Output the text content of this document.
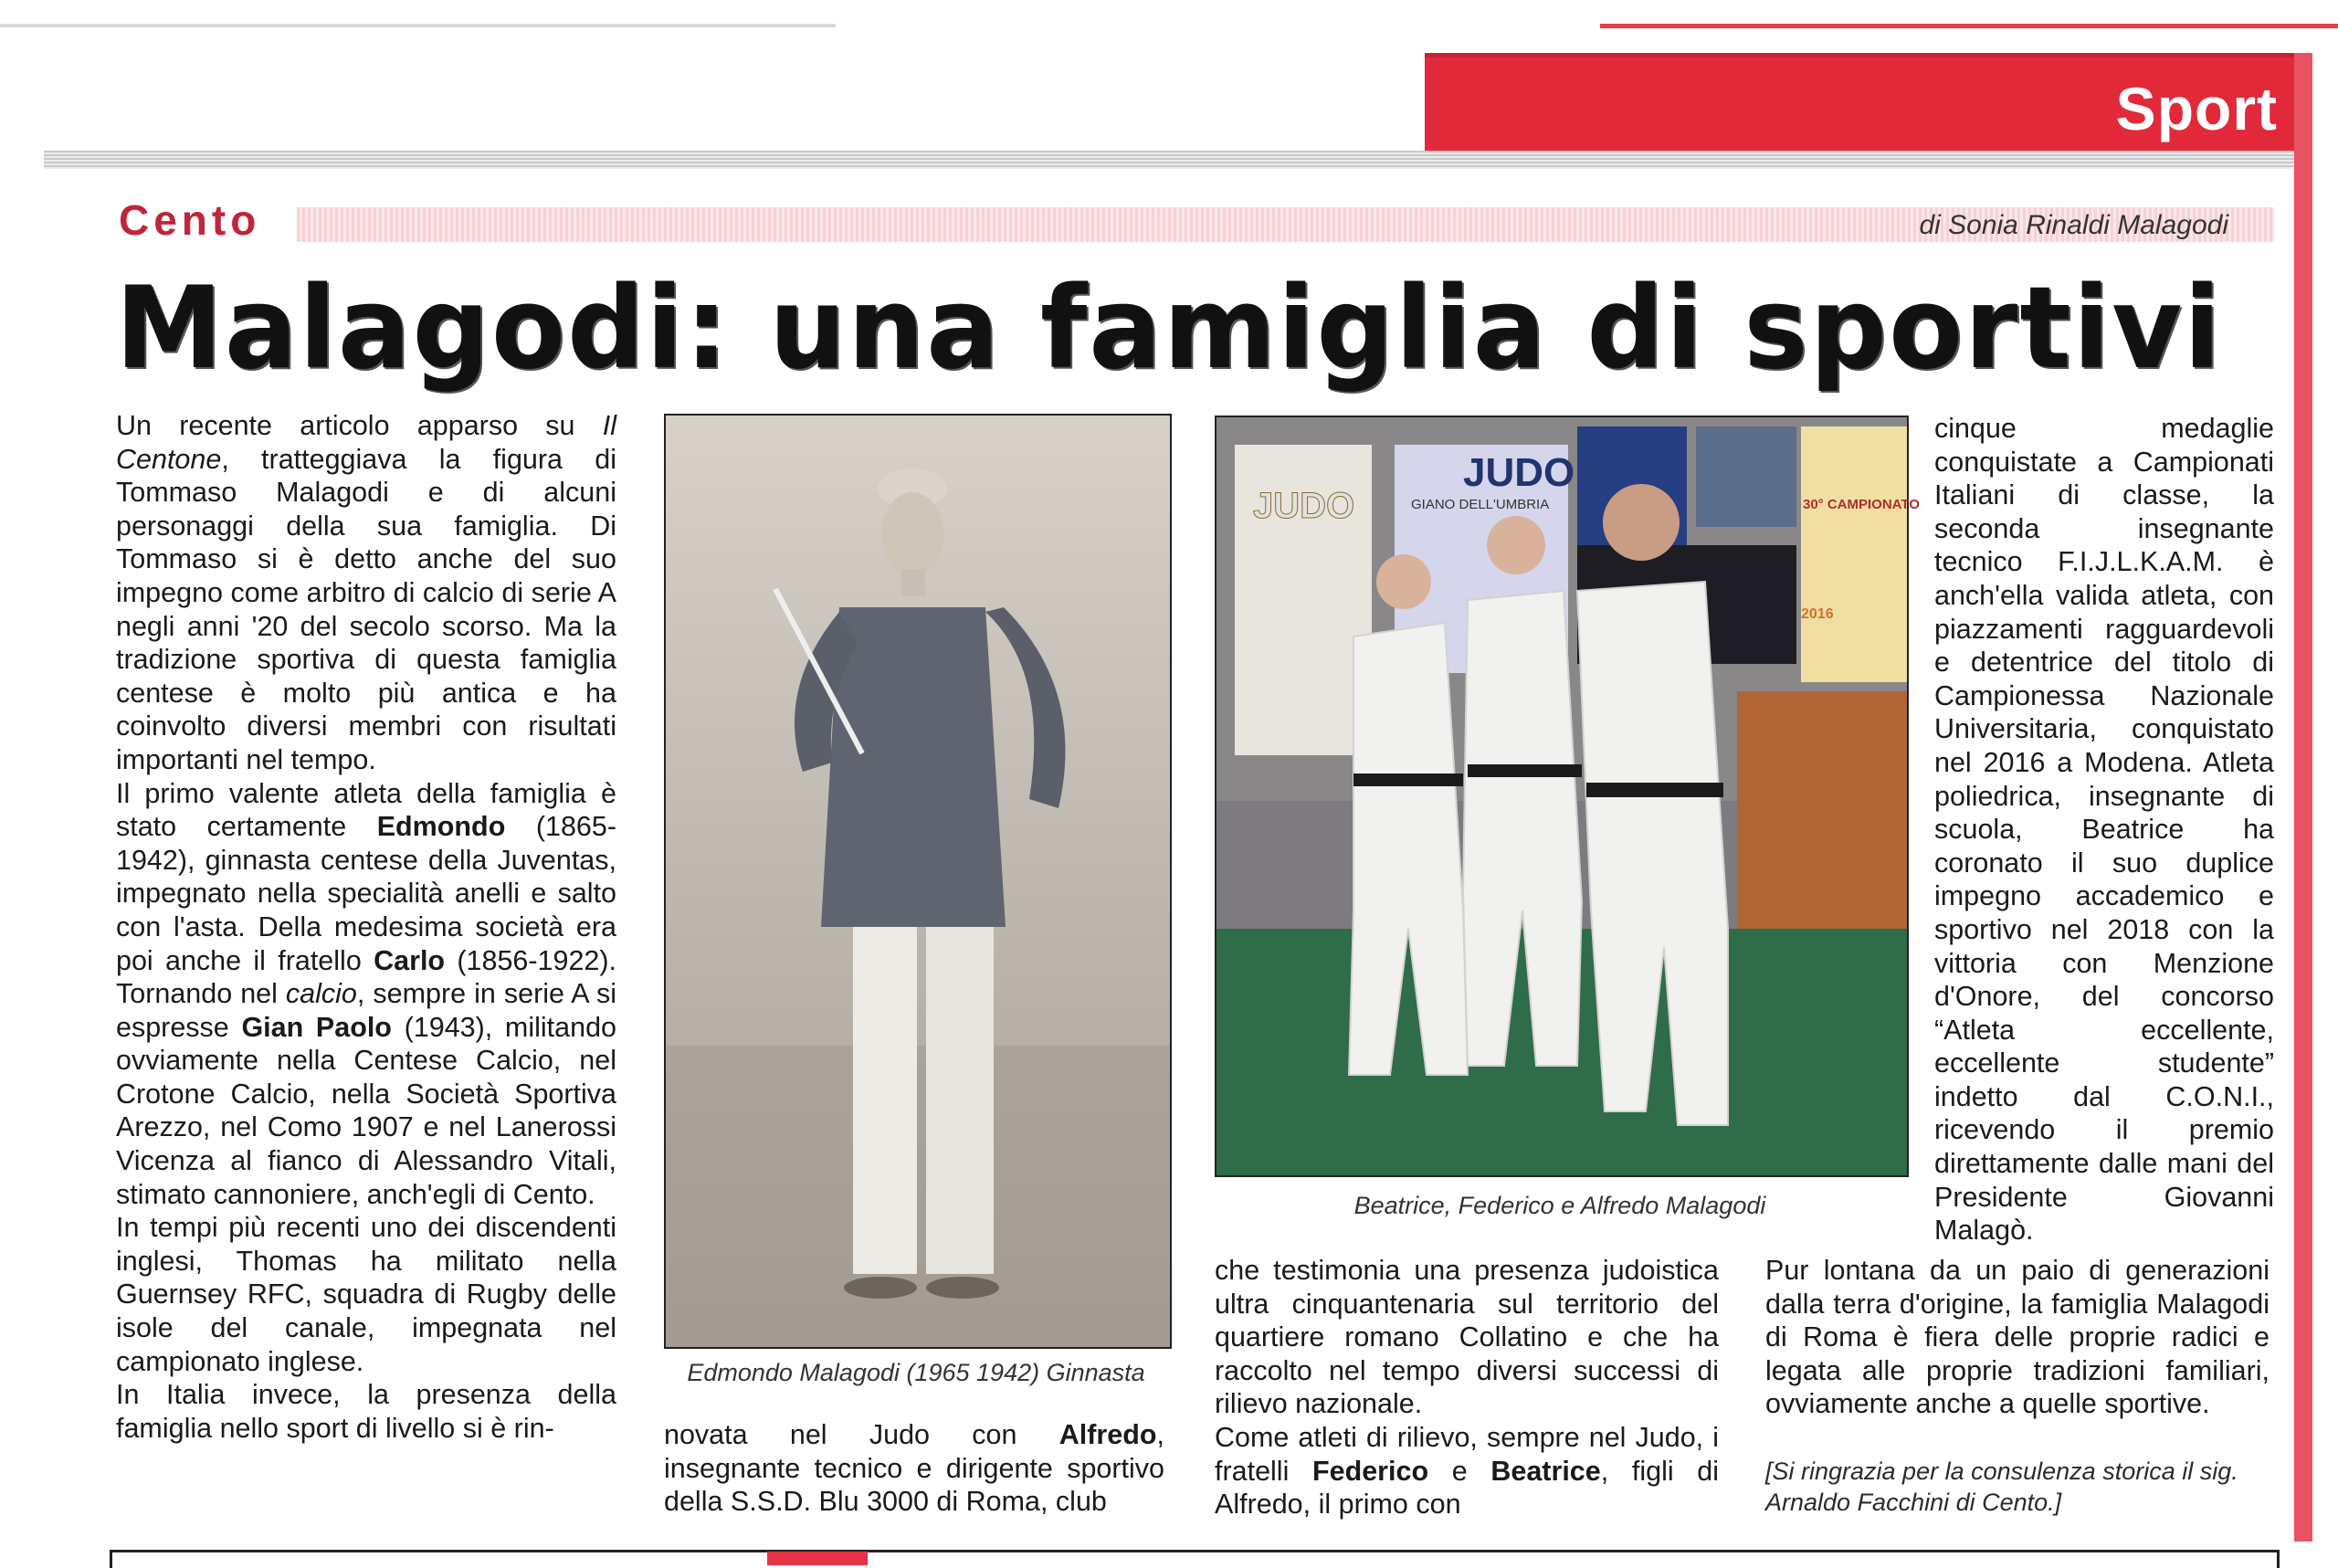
Sport
Cento	di Sonia Rinaldi Malagodi
Malagodi: una famiglia di sportivi

Un recente articolo apparso su Il Centone, tratteggiava la figura di Tommaso Malagodi e di alcuni personaggi della sua famiglia. Di Tommaso si è detto anche del suo impegno come arbitro di calcio di serie A negli anni '20 del secolo scorso. Ma la tradizione sportiva di questa famiglia centese è molto più antica e ha coinvolto diversi membri con risultati importanti nel tempo.

Il primo valente atleta della famiglia è stato certamente Edmondo (1865-1942), ginnasta centese della Juventas, impegnato nella specialità anelli e salto con l'asta. Della medesima società era poi anche il fratello Carlo (1856-1922). Tornando nel calcio, sempre in serie A si espresse Gian Paolo (1943), militando ovviamente nella Centese Calcio, nel Crotone Calcio, nella Società Sportiva Arezzo, nel Como 1907 e nel Lanerossi Vicenza al fianco di Alessandro Vitali, stimato cannoniere, anch'egli di Cento.

In tempi più recenti uno dei discendenti inglesi, Thomas ha militato nella Guernsey RFC, squadra di Rugby delle isole del canale, impegnata nel campionato inglese.

In Italia invece, la presenza della famiglia nello sport di livello si è rin-

Edmondo Malagodi (1965 1942) Ginnasta

novata nel Judo con Alfredo, insegnante tecnico e dirigente sportivo della S.S.D. Blu 3000 di Roma, club

JUDO
GIANO DELL'UMBRIA
JUDO	30° CAMPIONATO
2016
Beatrice, Federico e Alfredo Malagodi

che testimonia una presenza judoistica ultra cinquantenaria sul territorio del quartiere romano Collatino e che ha raccolto nel tempo diversi successi di rilievo nazionale.

Come atleti di rilievo, sempre nel Judo, i fratelli Federico e Beatrice, figli di Alfredo, il primo con

cinque medaglie conquistate a Campionati Italiani di classe, la seconda insegnante tecnico F.I.J.L.K.A.M. è anch'ella valida atleta, con piazzamenti ragguardevoli e detentrice del titolo di Campionessa Nazionale Universitaria, conquistato nel 2016 a Modena. Atleta poliedrica, insegnante di scuola, Beatrice ha coronato il suo duplice impegno accademico e sportivo nel 2018 con la vittoria con Menzione d'Onore, del concorso “Atleta eccellente, eccellente studente” indetto dal C.O.N.I., ricevendo il premio direttamente dalle mani del Presidente Giovanni Malagò.

Pur lontana da un paio di generazioni dalla terra d'origine, la famiglia Malagodi di Roma è fiera delle proprie radici e legata alle proprie tradizioni familiari, ovviamente anche a quelle sportive.

[Si ringrazia per la consulenza storica il sig. Arnaldo Facchini di Cento.]
